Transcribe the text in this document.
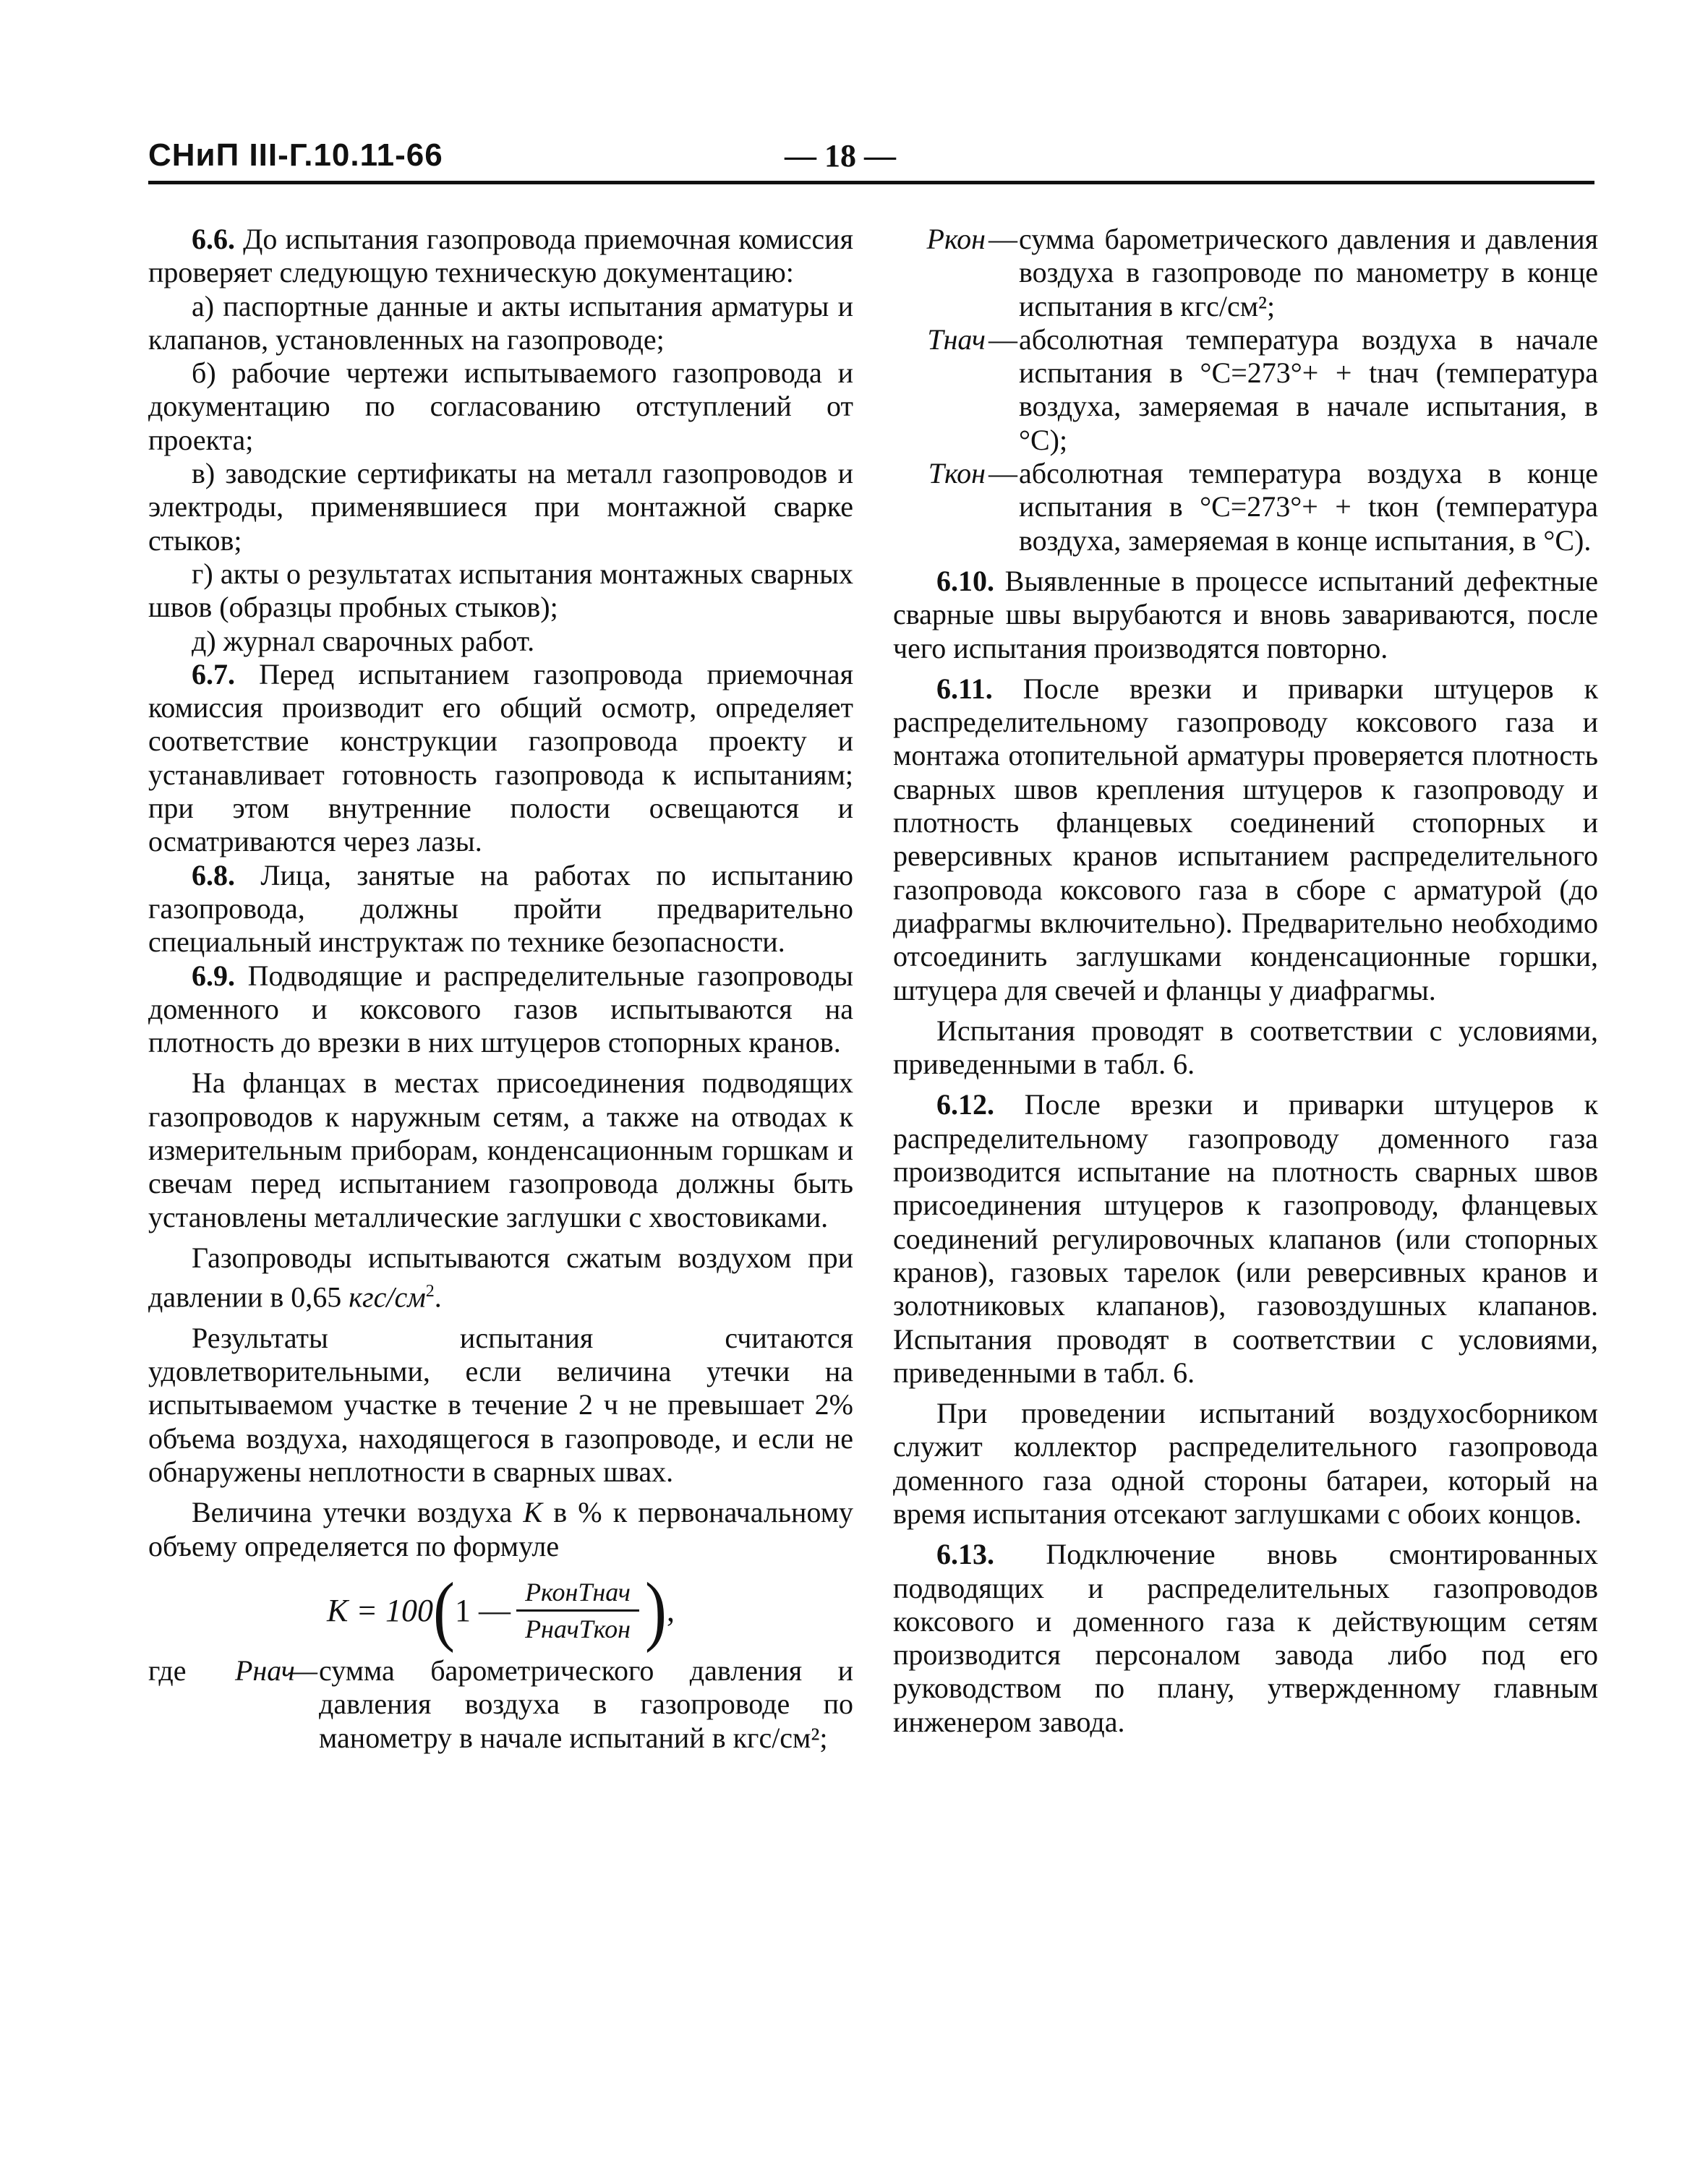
СНиП III-Г.10.11-66	— 18 —

6.6. До испытания газопровода приемочная комиссия проверяет следующую техническую документацию:

а) паспортные данные и акты испытания арматуры и клапанов, установленных на газопроводе;

б) рабочие чертежи испытываемого газопровода и документацию по согласованию отступлений от проекта;

в) заводские сертификаты на металл газопроводов и электроды, применявшиеся при монтажной сварке стыков;

г) акты о результатах испытания монтажных сварных швов (образцы пробных стыков);

д) журнал сварочных работ.

6.7. Перед испытанием газопровода приемочная комиссия производит его общий осмотр, определяет соответствие конструкции газопровода проекту и устанавливает готовность газопровода к испытаниям; при этом внутренние полости освещаются и осматриваются через лазы.

6.8. Лица, занятые на работах по испытанию газопровода, должны пройти предварительно специальный инструктаж по технике безопасности.

6.9. Подводящие и распределительные газопроводы доменного и коксового газов испытываются на плотность до врезки в них штуцеров стопорных кранов.

На фланцах в местах присоединения подводящих газопроводов к наружным сетям, а также на отводах к измерительным приборам, конденсационным горшкам и свечам перед испытанием газопровода должны быть установлены металлические заглушки с хвостовиками.

Газопроводы испытываются сжатым воздухом при давлении в 0,65 кгс/$см^2$.

Результаты испытания считаются удовлетворительными, если величина утечки на испытываемом участке в течение 2 ч не превышает 2% объема воздуха, находящегося в газопроводе, и если не обнаружены неплотности в сварных швах.

Величина утечки воздуха K в % к первоначальному объему определяется по формуле

K = 100 ( 1 — $\frac{\text{PконTнач}}{\text{PначTкон}}$ ) ,
где	Pнач
— сумма барометрического давления и давления воздуха в газопроводе по манометру в начале испытаний в кгс/см²;
Pкон — сумма барометрического давления и давления воздуха в газопроводе по манометру в конце испытания в кгс/см²;
Tнач — абсолютная температура воздуха в начале испытания в °C=273°+ + tнач (температура воздуха, замеряемая в начале испытания, в °C);
Tкон — абсолютная температура воздуха в конце испытания в °C=273°+ + tкон (температура воздуха, замеряемая в конце испытания, в °C).

6.10. Выявленные в процессе испытаний дефектные сварные швы вырубаются и вновь завариваются, после чего испытания производятся повторно.

6.11. После врезки и приварки штуцеров к распределительному газопроводу коксового газа и монтажа отопительной арматуры проверяется плотность сварных швов крепления штуцеров к газопроводу и плотность фланцевых соединений стопорных и реверсивных кранов испытанием распределительного газопровода коксового газа в сборе с арматурой (до диафрагмы включительно). Предварительно необходимо отсоединить заглушками конденсационные горшки, штуцера для свечей и фланцы у диафрагмы.

Испытания проводят в соответствии с условиями, приведенными в табл. 6.

6.12. После врезки и приварки штуцеров к распределительному газопроводу доменного газа производится испытание на плотность сварных швов присоединения штуцеров к газопроводу, фланцевых соединений регулировочных клапанов (или стопорных кранов), газовых тарелок (или реверсивных кранов и золотниковых клапанов), газовоздушных клапанов. Испытания проводят в соответствии с условиями, приведенными в табл. 6.

При проведении испытаний воздухосборником служит коллектор распределительного газопровода доменного газа одной стороны батареи, который на время испытания отсекают заглушками с обоих концов.

6.13. Подключение вновь смонтированных подводящих и распределительных газопроводов коксового и доменного газа к действующим сетям производится персоналом завода либо под его руководством по плану, утвержденному главным инженером завода.
